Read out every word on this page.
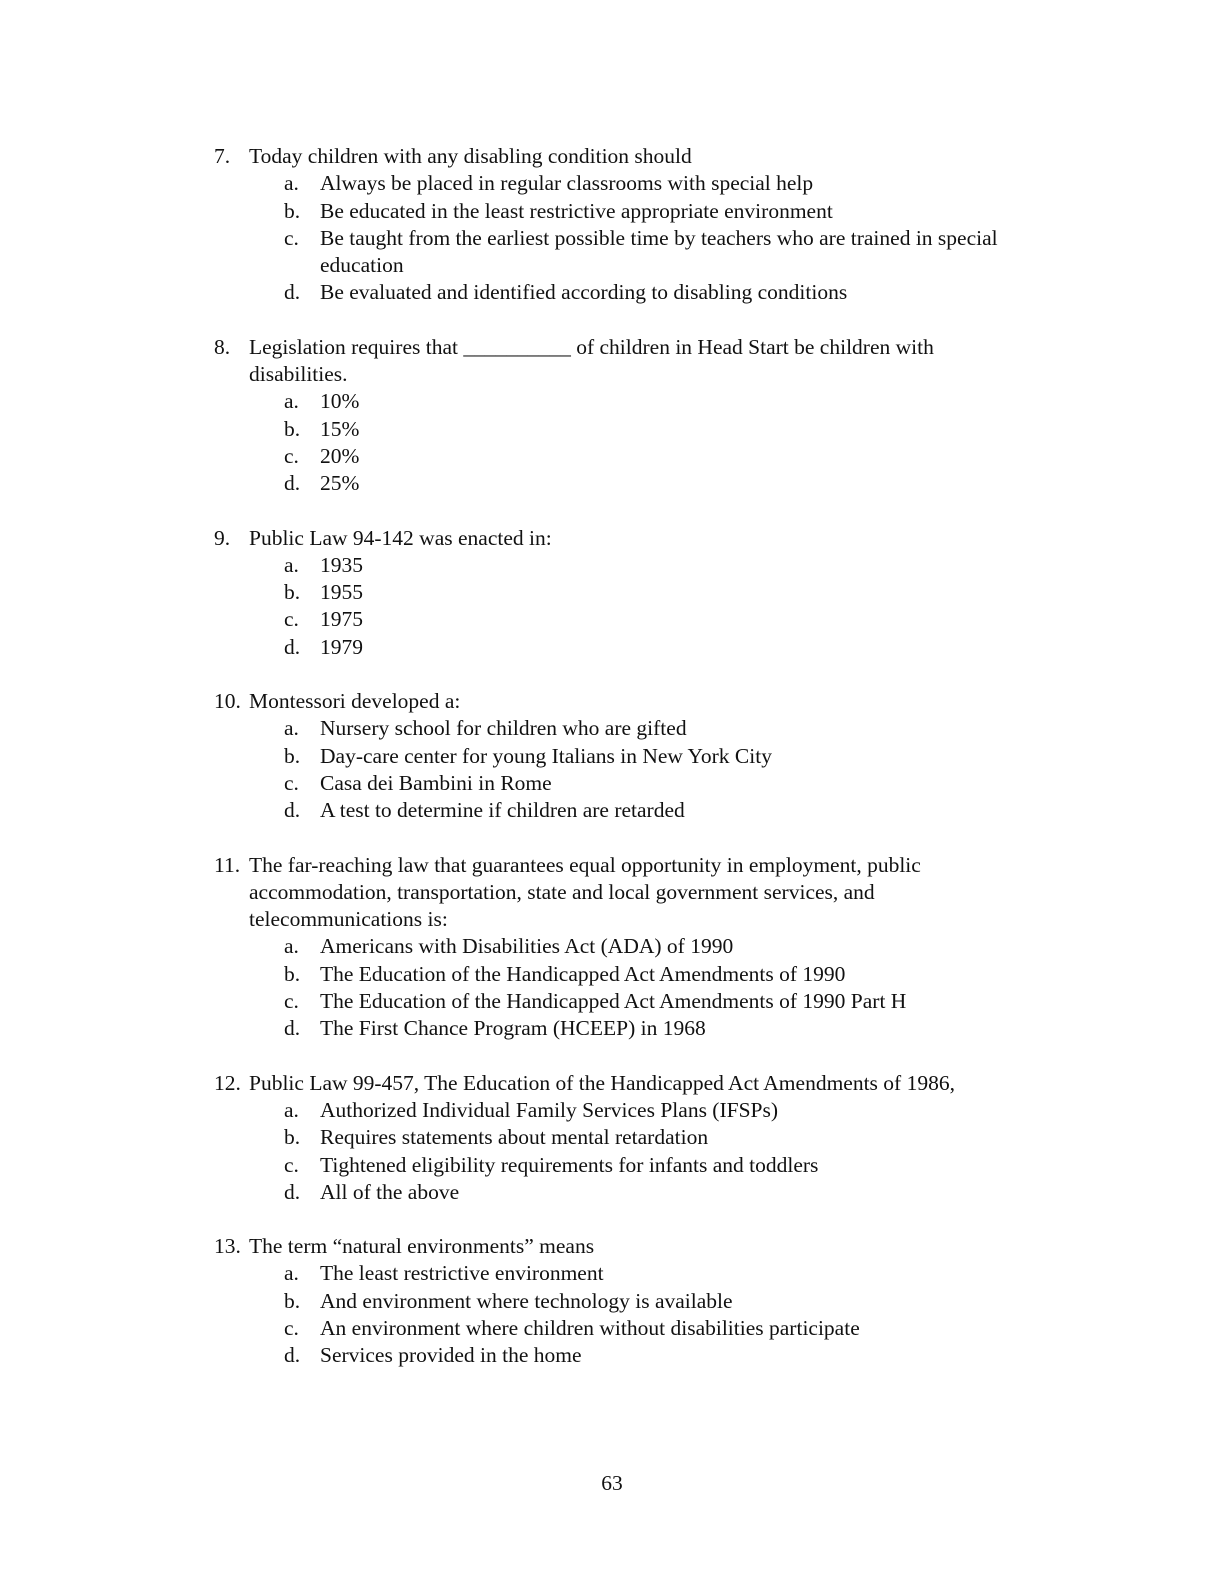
7. Today children with any disabling condition should
a. Always be placed in regular classrooms with special help
b. Be educated in the least restrictive appropriate environment
c. Be taught from the earliest possible time by teachers who are trained in special education
d. Be evaluated and identified according to disabling conditions
8. Legislation requires that __________ of children in Head Start be children with disabilities.
a. 10%
b. 15%
c. 20%
d. 25%
9. Public Law 94-142 was enacted in:
a. 1935
b. 1955
c. 1975
d. 1979
10. Montessori developed a:
a. Nursery school for children who are gifted
b. Day-care center for young Italians in New York City
c. Casa dei Bambini in Rome
d. A test to determine if children are retarded
11. The far-reaching law that guarantees equal opportunity in employment, public accommodation, transportation, state and local government services, and telecommunications is:
a. Americans with Disabilities Act (ADA) of 1990
b. The Education of the Handicapped Act Amendments of 1990
c. The Education of the Handicapped Act Amendments of 1990 Part H
d. The First Chance Program (HCEEP) in 1968
12. Public Law 99-457, The Education of the Handicapped Act Amendments of 1986,
a. Authorized Individual Family Services Plans (IFSPs)
b. Requires statements about mental retardation
c. Tightened eligibility requirements for infants and toddlers
d. All of the above
13. The term “natural environments” means
a. The least restrictive environment
b. And environment where technology is available
c. An environment where children without disabilities participate
d. Services provided in the home
63
